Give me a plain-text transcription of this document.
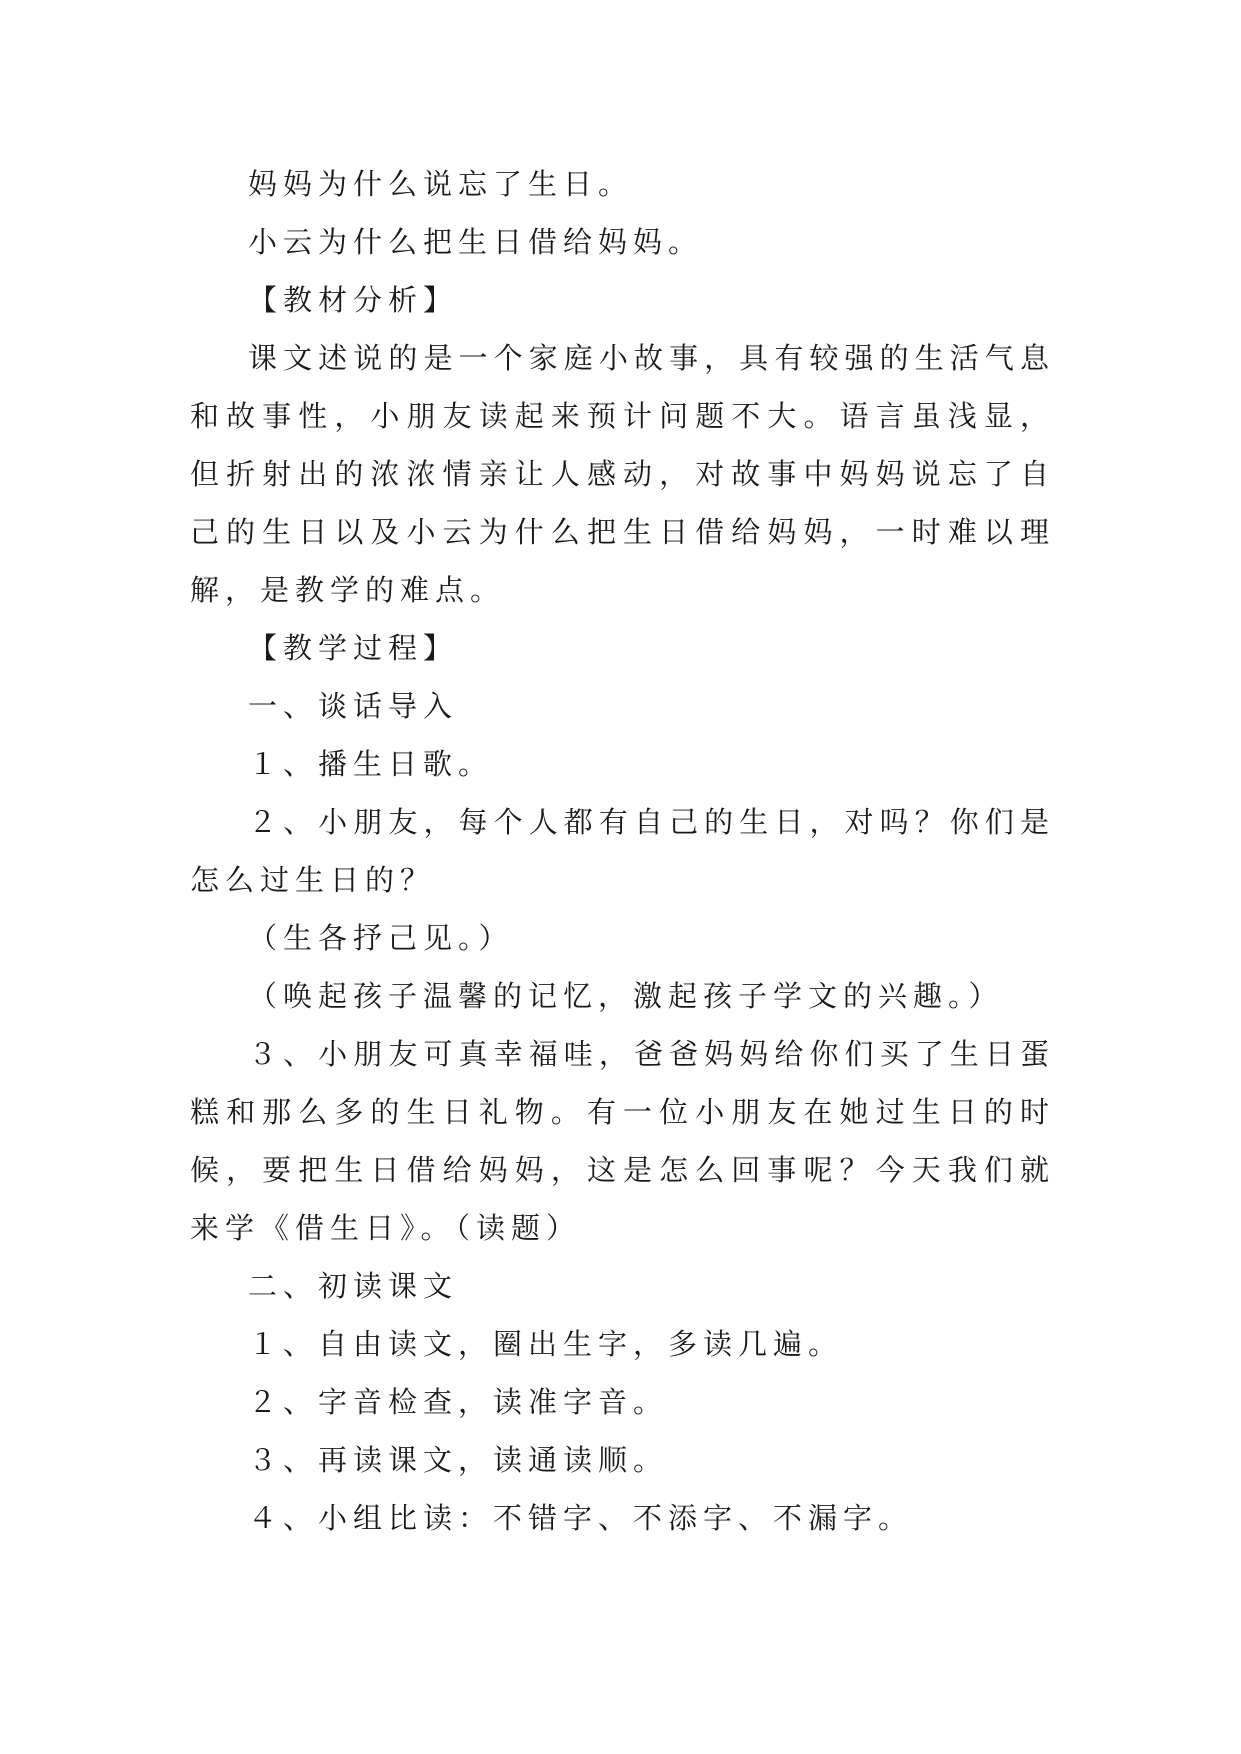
妈妈为什么说忘了生日。

小云为什么把生日借给妈妈。

【教材分析】

课文述说的是一个家庭小故事，具有较强的生活气息和故事性，小朋友读起来预计问题不大。语言虽浅显，但折射出的浓浓情亲让人感动，对故事中妈妈说忘了自己的生日以及小云为什么把生日借给妈妈，一时难以理解，是教学的难点。

【教学过程】

一、谈话导入

１、播生日歌。

２、小朋友，每个人都有自己的生日，对吗？你们是怎么过生日的？

（生各抒己见。）

（唤起孩子温馨的记忆，激起孩子学文的兴趣。）

３、小朋友可真幸福哇，爸爸妈妈给你们买了生日蛋糕和那么多的生日礼物。有一位小朋友在她过生日的时候，要把生日借给妈妈，这是怎么回事呢？今天我们就来学《借生日》。（读题）

二、初读课文

１、自由读文，圈出生字，多读几遍。

２、字音检查，读准字音。

３、再读课文，读通读顺。

４、小组比读：不错字、不添字、不漏字。
